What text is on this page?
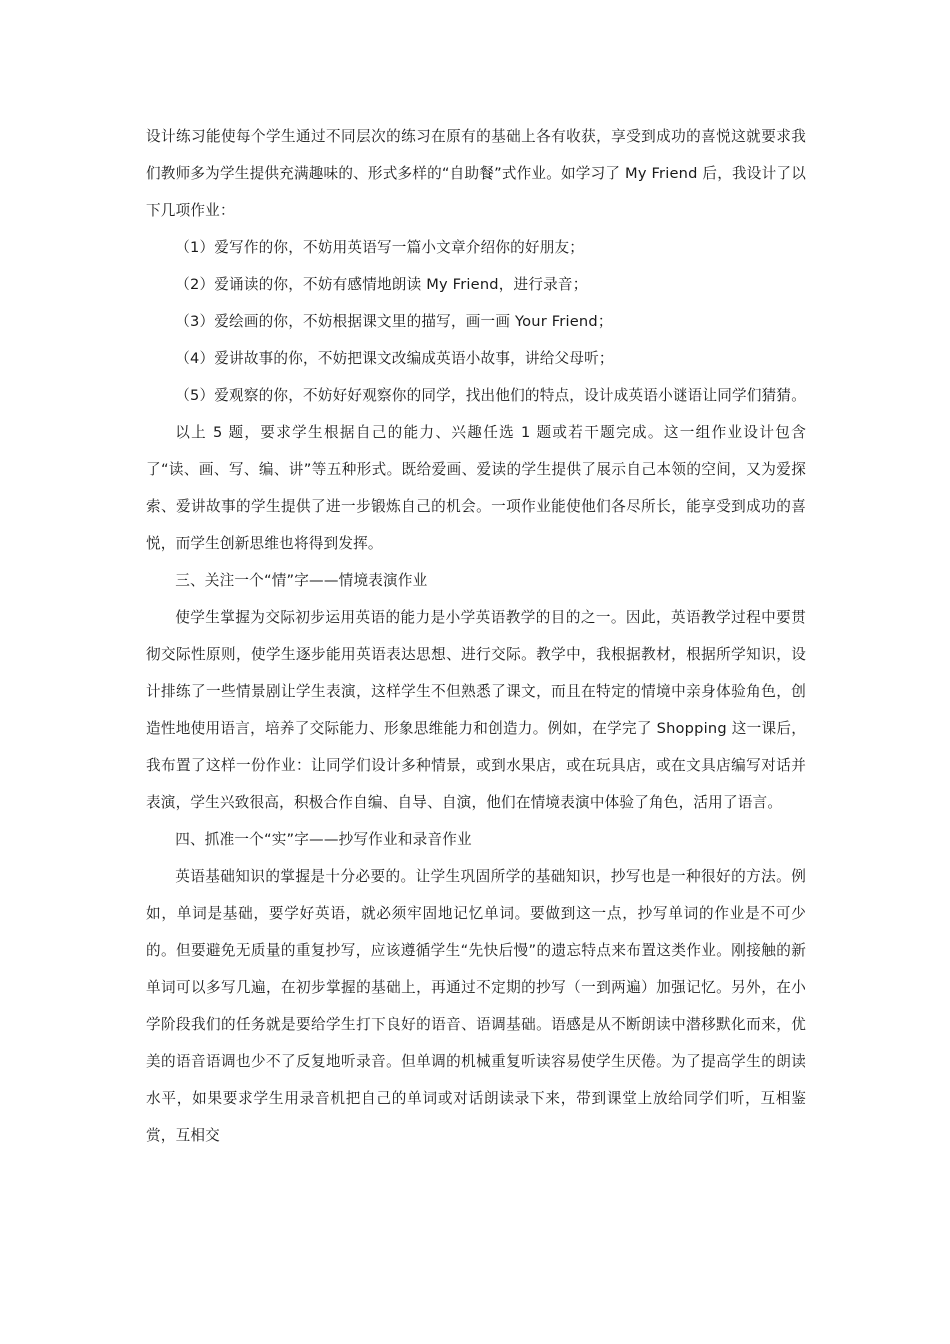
设计练习能使每个学生通过不同层次的练习在原有的基础上各有收获，享受到成功的喜悦这就要求我们教师多为学生提供充满趣味的、形式多样的“自助餐”式作业。如学习了 My Friend 后，我设计了以下几项作业：

（1）爱写作的你，不妨用英语写一篇小文章介绍你的好朋友；

（2）爱诵读的你，不妨有感情地朗读 My Friend，进行录音；

（3）爱绘画的你，不妨根据课文里的描写，画一画 Your Friend；

（4）爱讲故事的你，不妨把课文改编成英语小故事，讲给父母听；

（5）爱观察的你，不妨好好观察你的同学，找出他们的特点，设计成英语小谜语让同学们猜猜。

以上 5 题，要求学生根据自己的能力、兴趣任选 1 题或若干题完成。这一组作业设计包含了“读、画、写、编、讲”等五种形式。既给爱画、爱读的学生提供了展示自己本领的空间，又为爱探索、爱讲故事的学生提供了进一步锻炼自己的机会。一项作业能使他们各尽所长，能享受到成功的喜悦，而学生创新思维也将得到发挥。

三、关注一个“情”字——情境表演作业

使学生掌握为交际初步运用英语的能力是小学英语教学的目的之一。因此，英语教学过程中要贯彻交际性原则，使学生逐步能用英语表达思想、进行交际。教学中，我根据教材，根据所学知识，设计排练了一些情景剧让学生表演，这样学生不但熟悉了课文，而且在特定的情境中亲身体验角色，创造性地使用语言，培养了交际能力、形象思维能力和创造力。例如，在学完了 Shopping 这一课后，我布置了这样一份作业：让同学们设计多种情景，或到水果店，或在玩具店，或在文具店编写对话并表演，学生兴致很高，积极合作自编、自导、自演，他们在情境表演中体验了角色，活用了语言。

四、抓准一个“实”字——抄写作业和录音作业

英语基础知识的掌握是十分必要的。让学生巩固所学的基础知识，抄写也是一种很好的方法。例如，单词是基础，要学好英语，就必须牢固地记忆单词。要做到这一点，抄写单词的作业是不可少的。但要避免无质量的重复抄写，应该遵循学生“先快后慢”的遗忘特点来布置这类作业。刚接触的新单词可以多写几遍，在初步掌握的基础上，再通过不定期的抄写（一到两遍）加强记忆。另外，在小学阶段我们的任务就是要给学生打下良好的语音、语调基础。语感是从不断朗读中潜移默化而来，优美的语音语调也少不了反复地听录音。但单调的机械重复听读容易使学生厌倦。为了提高学生的朗读水平，如果要求学生用录音机把自己的单词或对话朗读录下来，带到课堂上放给同学们听，互相鉴赏，互相交
